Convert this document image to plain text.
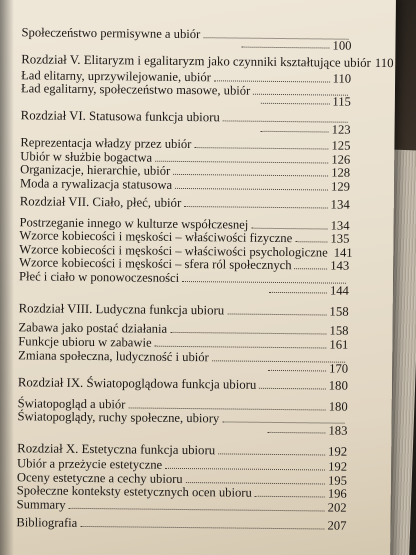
Społeczeństwo permisywne a ubiór
100
Rozdział V. Elitaryzm i egalitaryzm jako czynniki kształtujące ubiór 110
Ład elitarny, uprzywilejowanie, ubiór	110
Ład egalitarny, społeczeństwo masowe, ubiór
115
Rozdział VI. Statusowa funkcja ubioru
123
Reprezentacja władzy przez ubiór	125
Ubiór w służbie bogactwa	126
Organizacje, hierarchie, ubiór	128
Moda a rywalizacja statusowa	129
Rozdział VII. Ciało, płeć, ubiór	134
Postrzeganie innego w kulturze współczesnej	134
Wzorce kobiecości i męskości – właściwości fizyczne	135
Wzorce kobiecości i męskości – właściwości psychologiczne 141
Wzorce kobiecości i męskości – sfera ról społecznych	143
Płeć i ciało w ponowoczesności
144
Rozdział VIII. Ludyczna funkcja ubioru	158
Zabawa jako postać działania	158
Funkcje ubioru w zabawie	161
Zmiana społeczna, ludyczność i ubiór
170
Rozdział IX. Światopoglądowa funkcja ubioru	180
Światopogląd a ubiór	180
Światopoglądy, ruchy społeczne, ubiory
183
Rozdział X. Estetyczna funkcja ubioru	192
Ubiór a przeżycie estetyczne	192
Oceny estetyczne a cechy ubioru	195
Społeczne konteksty estetycznych ocen ubioru	196
Summary	202
Bibliografia	207
